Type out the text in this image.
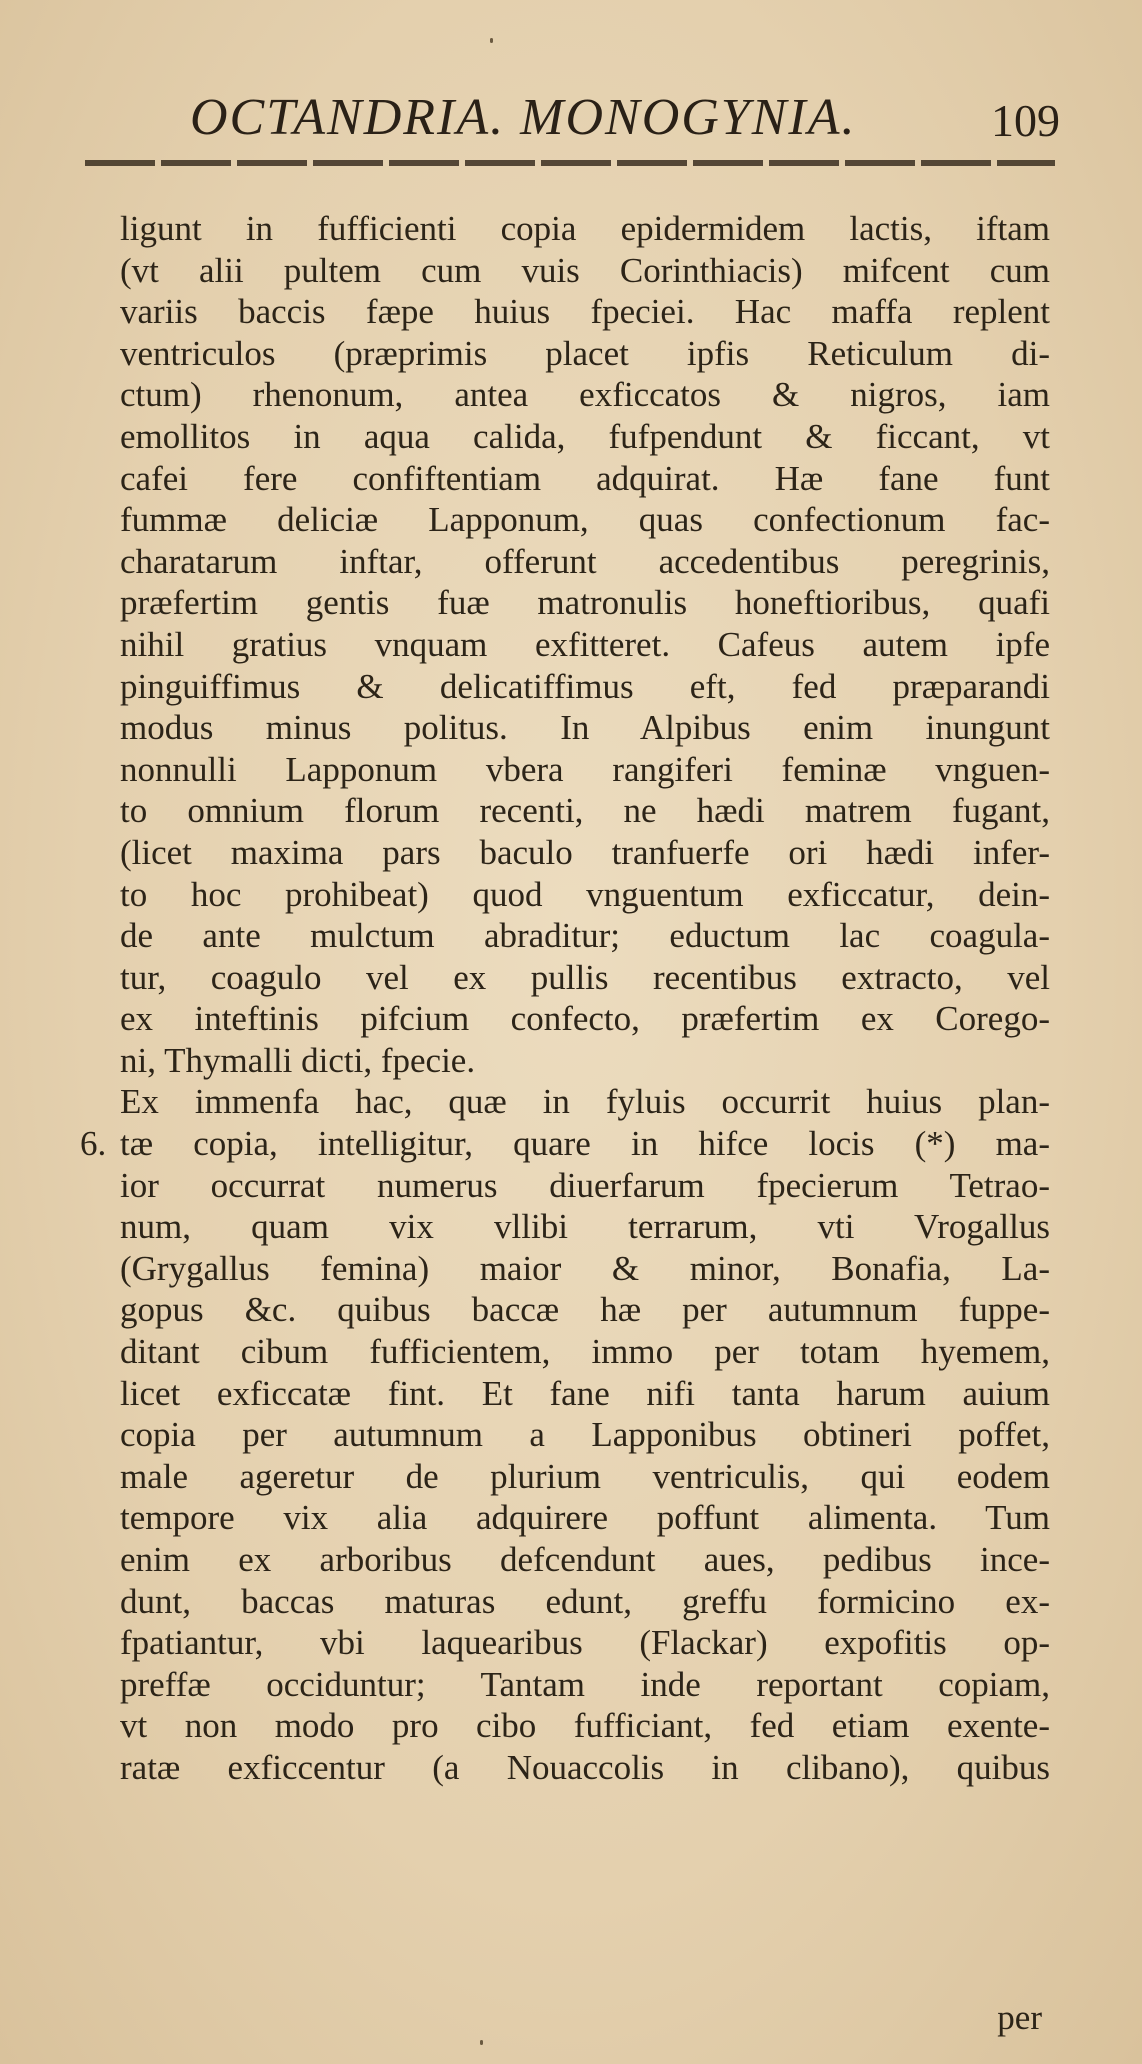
OCTANDRIA. MONOGYNIA.	109
ligunt in fufficienti copia epidermidem lactis, iftam
(vt alii pultem cum vuis Corinthiacis) mifcent cum
variis baccis fæpe huius fpeciei. Hac maffa replent
ventriculos (præprimis placet ipfis Reticulum di-
ctum) rhenonum, antea exficcatos & nigros, iam
emollitos in aqua calida, fufpendunt & ficcant, vt
cafei fere confiftentiam adquirat. Hæ fane funt
fummæ deliciæ Lapponum, quas confectionum fac-
charatarum inftar, offerunt accedentibus peregrinis,
præfertim gentis fuæ matronulis honeftioribus, quafi
nihil gratius vnquam exfitteret. Cafeus autem ipfe
pinguiffimus & delicatiffimus eft, fed præparandi
modus minus politus. In Alpibus enim inungunt
nonnulli Lapponum vbera rangiferi feminæ vnguen-
to omnium florum recenti, ne hædi matrem fugant,
(licet maxima pars baculo tranfuerfe ori hædi infer-
to hoc prohibeat) quod vnguentum exficcatur, dein-
de ante mulctum abraditur; eductum lac coagula-
tur, coagulo vel ex pullis recentibus extracto, vel
ex inteftinis pifcium confecto, præfertim ex Corego-
ni, Thymalli dicti, fpecie.
Ex immenfa hac, quæ in fyluis occurrit huius plan-
tæ copia, intelligitur, quare in hifce locis (*) ma-
ior occurrat numerus diuerfarum fpecierum Tetrao-
num, quam vix vllibi terrarum, vti Vrogallus
(Grygallus femina) maior & minor, Bonafia, La-
gopus &c. quibus baccæ hæ per autumnum fuppe-
ditant cibum fufficientem, immo per totam hyemem,
licet exficcatæ fint. Et fane nifi tanta harum auium
copia per autumnum a Lapponibus obtineri poffet,
male ageretur de plurium ventriculis, qui eodem
tempore vix alia adquirere poffunt alimenta. Tum
enim ex arboribus defcendunt aues, pedibus ince-
dunt, baccas maturas edunt, greffu formicino ex-
fpatiantur, vbi laquearibus (Flackar) expofitis op-
preffæ occiduntur; Tantam inde reportant copiam,
vt non modo pro cibo fufficiant, fed etiam exente-
ratæ exficcentur (a Nouaccolis in clibano), quibus
6.
per
